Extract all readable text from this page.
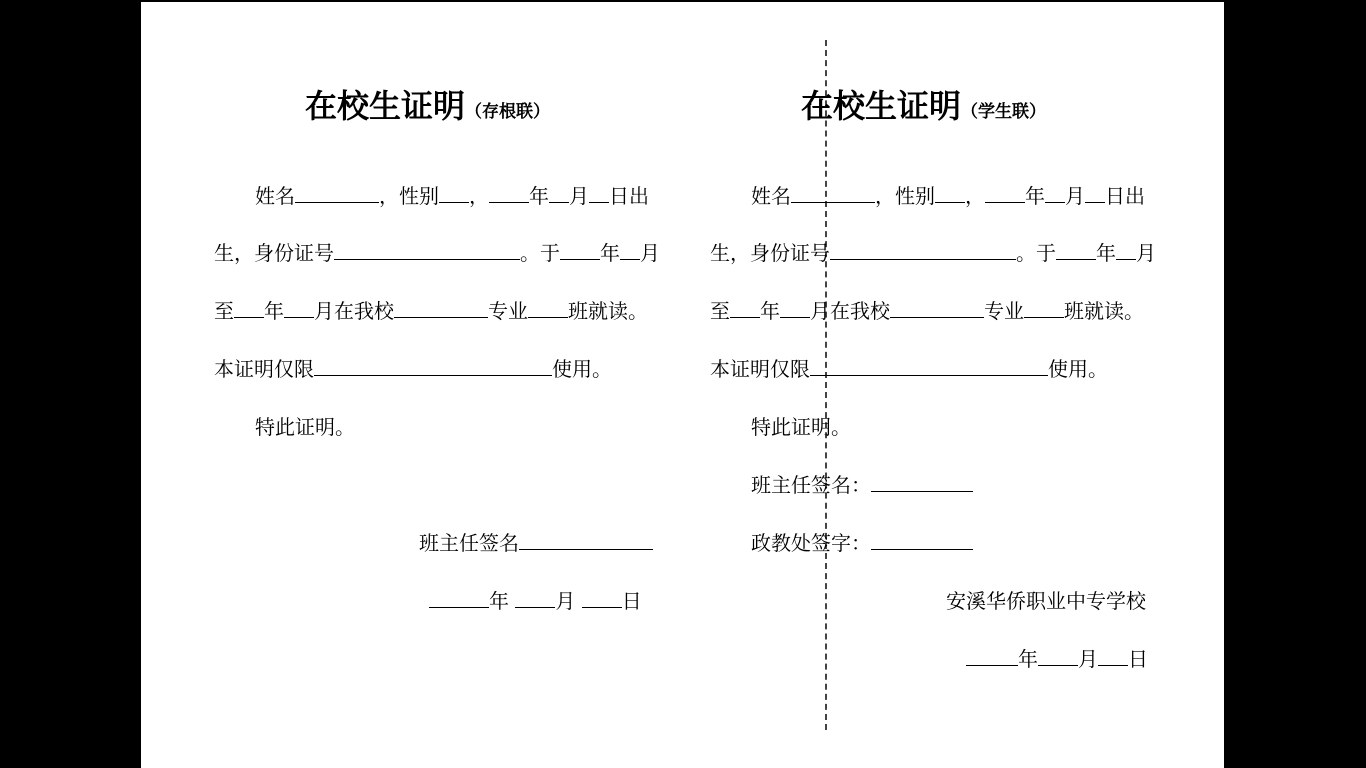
在校生证明（存根联）
姓名	，性别 ， 年 月 日出
生，身份证号	。于 年 月
至 年 月在我校	专业 班就读。
本证明仅限	使用。
特此证明。
班主任签名
年 月 日
在校生证明（学生联）
姓名	，性别 ， 年 月 日出
生，身份证号	。于 年 月
至 年 月在我校	专业 班就读。
本证明仅限	使用。
特此证明。
班主任签名：
政教处签字：
安溪华侨职业中专学校
年 月 日
